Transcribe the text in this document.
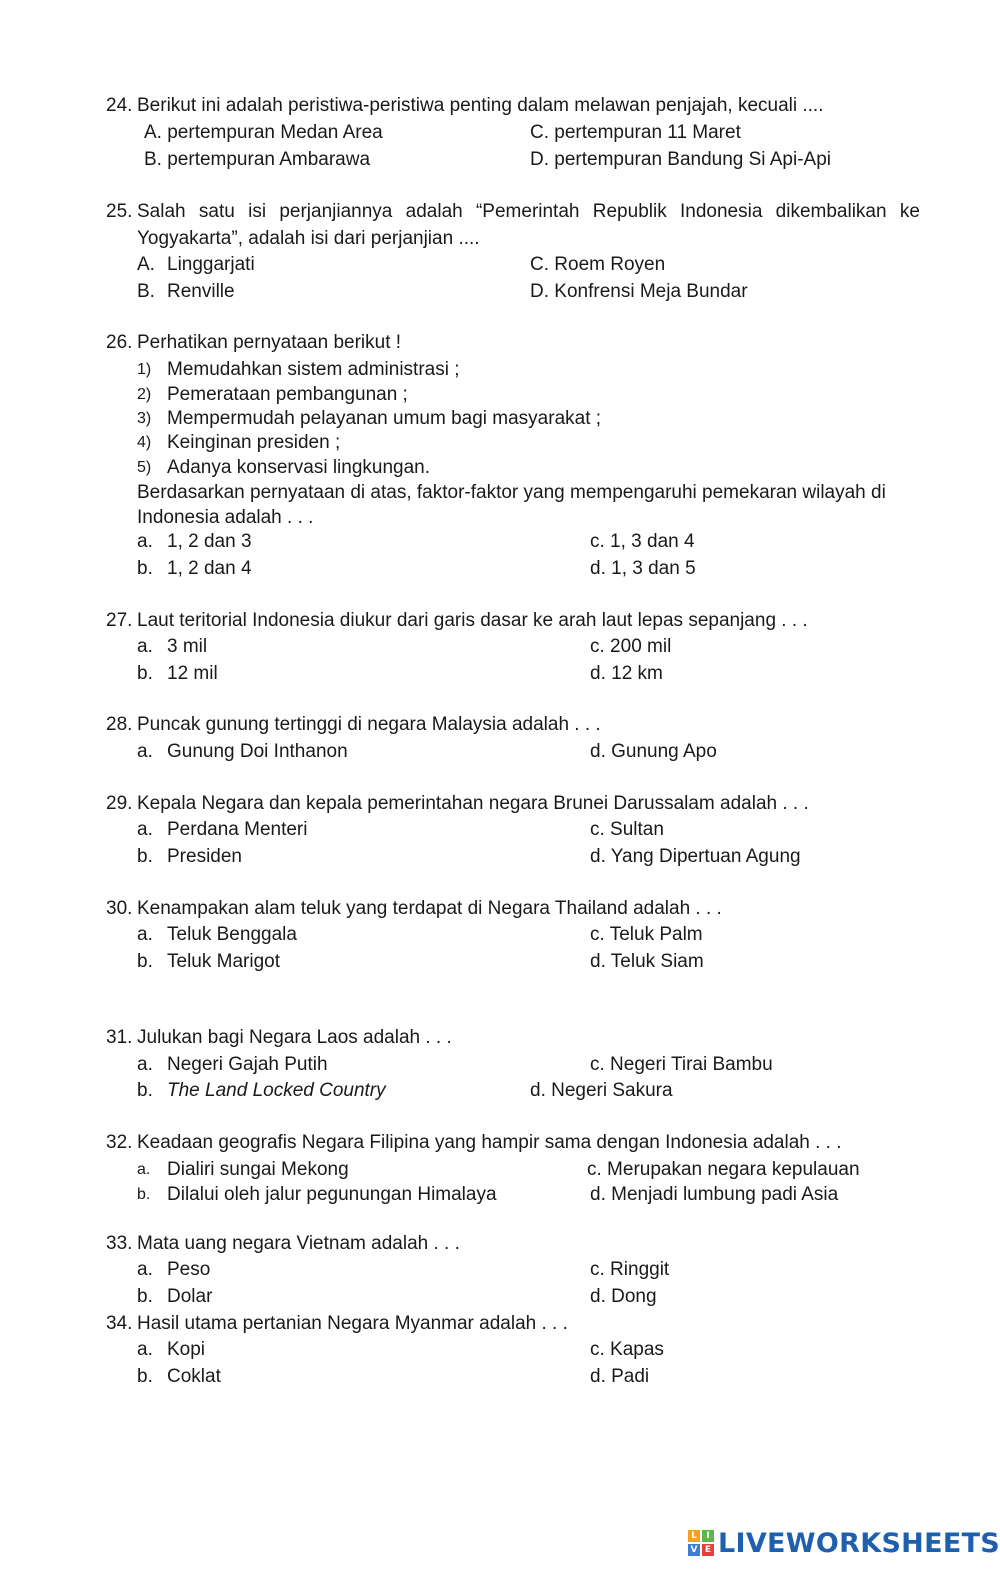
24. Berikut ini adalah peristiwa-peristiwa penting dalam melawan penjajah, kecuali ....
A. pertempuran Medan Area
B. pertempuran Ambarawa
C. pertempuran 11 Maret
D. pertempuran Bandung Si Api-Api
25. Salah satu isi perjanjiannya adalah “Pemerintah Republik Indonesia dikembalikan ke
Yogyakarta”, adalah isi dari perjanjian ....
A. Linggarjati
B. Renville
C. Roem Royen
D. Konfrensi Meja Bundar
26. Perhatikan pernyataan berikut !
1) Memudahkan sistem administrasi ;
2) Pemerataan pembangunan ;
3) Mempermudah pelayanan umum bagi masyarakat ;
4) Keinginan presiden ;
5) Adanya konservasi lingkungan.
Berdasarkan pernyataan di atas, faktor-faktor yang mempengaruhi pemekaran wilayah di
Indonesia adalah . . .
a. 1, 2 dan 3
b. 1, 2 dan 4
c. 1, 3 dan 4
d. 1, 3 dan 5
27. Laut teritorial Indonesia diukur dari garis dasar ke arah laut lepas sepanjang . . .
a. 3 mil
b. 12 mil
c. 200 mil
d. 12 km
28. Puncak gunung tertinggi di negara Malaysia adalah . . .
a. Gunung Doi Inthanon	d. Gunung Apo
29. Kepala Negara dan kepala pemerintahan negara Brunei Darussalam adalah . . .
a. Perdana Menteri
b. Presiden
c. Sultan
d. Yang Dipertuan Agung
30. Kenampakan alam teluk yang terdapat di Negara Thailand adalah . . .
a. Teluk Benggala
b. Teluk Marigot
c. Teluk Palm
d. Teluk Siam
31. Julukan bagi Negara Laos adalah . . .
a. Negeri Gajah Putih
b. The Land Locked Country
c. Negeri Tirai Bambu
d. Negeri Sakura
32. Keadaan geografis Negara Filipina yang hampir sama dengan Indonesia adalah . . .
a. Dialiri sungai Mekong
b. Dilalui oleh jalur pegunungan Himalaya
c. Merupakan negara kepulauan
d. Menjadi lumbung padi Asia
33. Mata uang negara Vietnam adalah . . .
a. Peso
b. Dolar
c. Ringgit
d. Dong
34. Hasil utama pertanian Negara Myanmar adalah . . .
a. Kopi
b. Coklat
c. Kapas
d. Padi
L	I
V E LIVEWORKSHEETS
